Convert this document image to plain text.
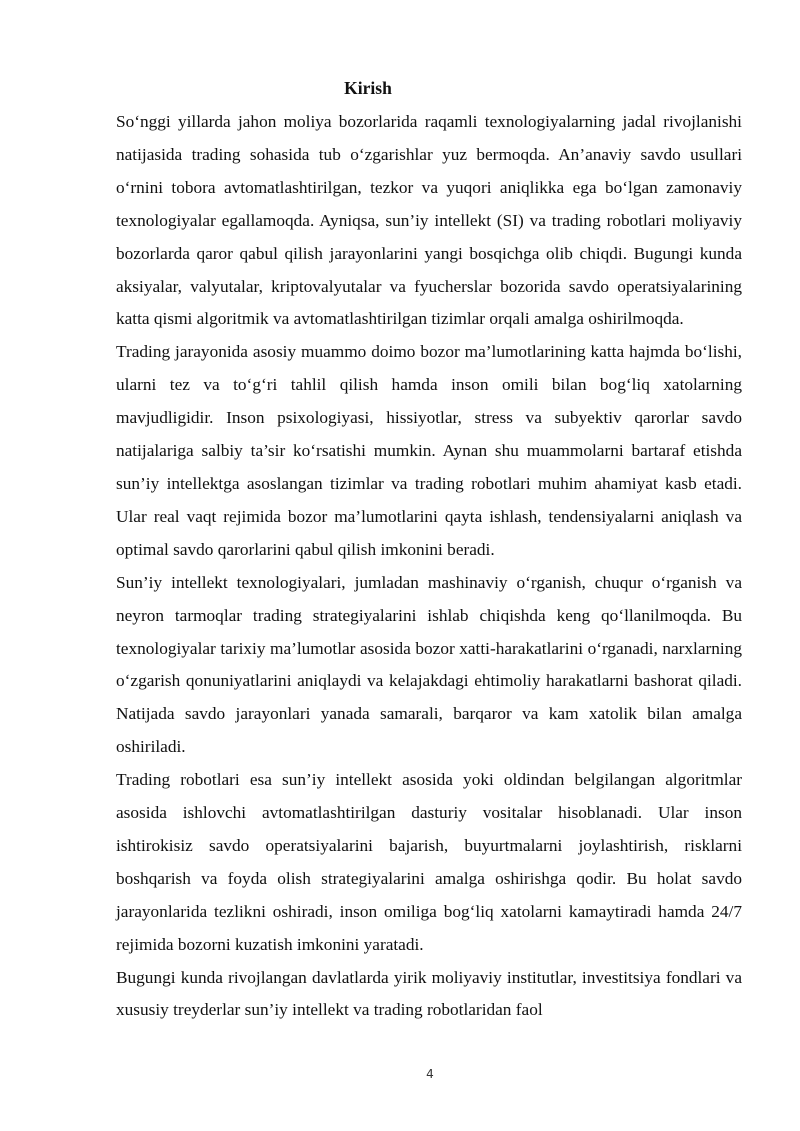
Kirish

So‘nggi yillarda jahon moliya bozorlarida raqamli texnologiyalarning jadal rivojlanishi natijasida trading sohasida tub o‘zgarishlar yuz bermoqda. An’anaviy savdo usullari o‘rnini tobora avtomatlashtirilgan, tezkor va yuqori aniqlikka ega bo‘lgan zamonaviy texnologiyalar egallamoqda. Ayniqsa, sun’iy intellekt (SI) va trading robotlari moliyaviy bozorlarda qaror qabul qilish jarayonlarini yangi bosqichga olib chiqdi. Bugungi kunda aksiyalar, valyutalar, kriptovalyutalar va fyucherslar bozorida savdo operatsiyalarining katta qismi algoritmik va avtomatlashtirilgan tizimlar orqali amalga oshirilmoqda.

Trading jarayonida asosiy muammo doimo bozor ma’lumotlarining katta hajmda bo‘lishi, ularni tez va to‘g‘ri tahlil qilish hamda inson omili bilan bog‘liq xatolarning mavjudligidir. Inson psixologiyasi, hissiyotlar, stress va subyektiv qarorlar savdo natijalariga salbiy ta’sir ko‘rsatishi mumkin. Aynan shu muammolarni bartaraf etishda sun’iy intellektga asoslangan tizimlar va trading robotlari muhim ahamiyat kasb etadi. Ular real vaqt rejimida bozor ma’lumotlarini qayta ishlash, tendensiyalarni aniqlash va optimal savdo qarorlarini qabul qilish imkonini beradi.

Sun’iy intellekt texnologiyalari, jumladan mashinaviy o‘rganish, chuqur o‘rganish va neyron tarmoqlar trading strategiyalarini ishlab chiqishda keng qo‘llanilmoqda. Bu texnologiyalar tarixiy ma’lumotlar asosida bozor xatti-harakatlarini o‘rganadi, narxlarning o‘zgarish qonuniyatlarini aniqlaydi va kelajakdagi ehtimoliy harakatlarni bashorat qiladi. Natijada savdo jarayonlari yanada samarali, barqaror va kam xatolik bilan amalga oshiriladi.

Trading robotlari esa sun’iy intellekt asosida yoki oldindan belgilangan algoritmlar asosida ishlovchi avtomatlashtirilgan dasturiy vositalar hisoblanadi. Ular inson ishtirokisiz savdo operatsiyalarini bajarish, buyurtmalarni joylashtirish, risklarni boshqarish va foyda olish strategiyalarini amalga oshirishga qodir. Bu holat savdo jarayonlarida tezlikni oshiradi, inson omiliga bog‘liq xatolarni kamaytiradi hamda 24/7 rejimida bozorni kuzatish imkonini yaratadi.

Bugungi kunda rivojlangan davlatlarda yirik moliyaviy institutlar, investitsiya fondlari va xususiy treyderlar sun’iy intellekt va trading robotlaridan faol

4
